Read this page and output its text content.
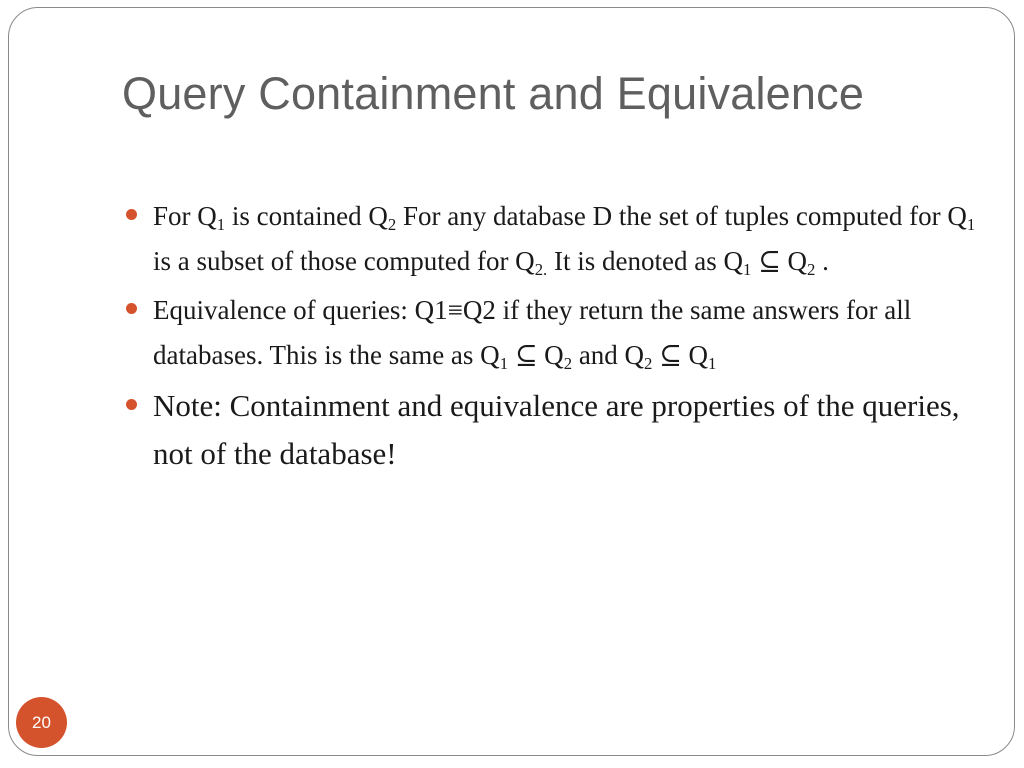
Query Containment and Equivalence
For $Q_1$ is contained $Q_2$ For any database D the set of tuples computed for $Q_1$ is a subset of those computed for $Q_{2.}$ It is denoted as $Q_1$ ⊆ $Q_2$ .
Equivalence of queries: Q1≡Q2 if they return the same answers for all databases. This is the same as $Q_1$ ⊆ $Q_2$ and $Q_2$ ⊆ $Q_1$
Note: Containment and equivalence are properties of the queries, not of the database!
20
